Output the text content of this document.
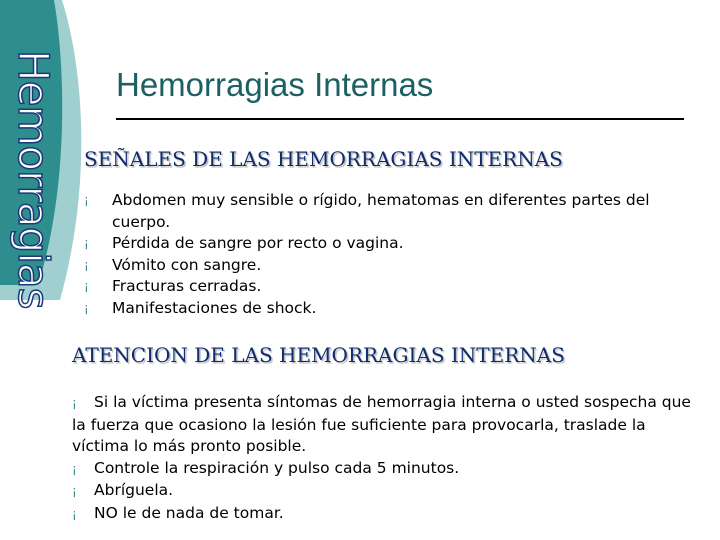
Hemorragias Hemorragias Internas
SEÑALES DE LAS HEMORRAGIAS INTERNAS
¡ Abdomen muy sensible o rígido, hematomas en diferentes partes del cuerpo.
¡ Pérdida de sangre por recto o vagina.
¡ Vómito con sangre.
¡ Fracturas cerradas.
¡ Manifestaciones de shock.
ATENCION DE LAS HEMORRAGIAS INTERNAS

¡ Si la víctima presenta síntomas de hemorragia interna o usted sospecha que la fuerza que ocasiono la lesión fue suficiente para provocarla, traslade la víctima lo más pronto posible.

¡ Controle la respiración y pulso cada 5 minutos.

¡ Abríguela.

¡ NO le de nada de tomar.
